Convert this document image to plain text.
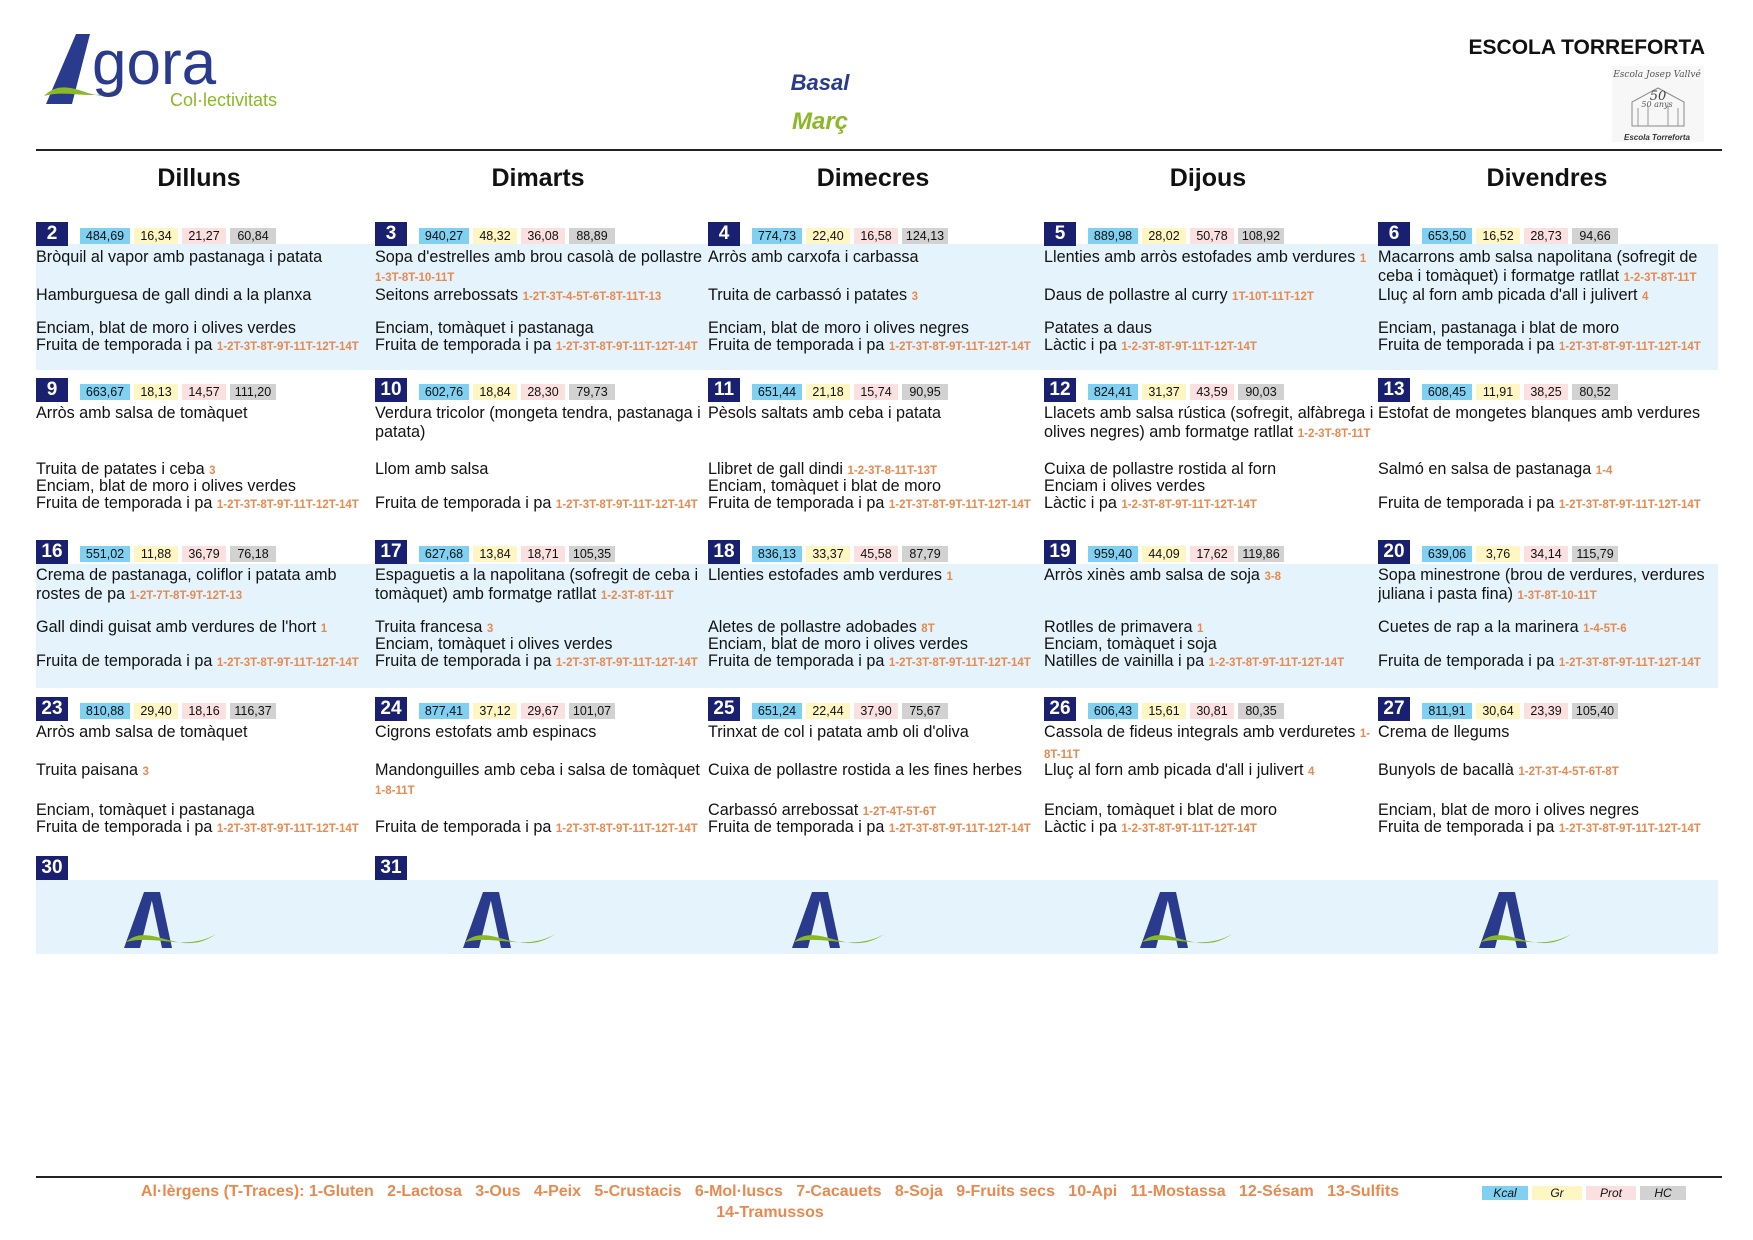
gora
Col·lectivitats
Basal
Març
ESCOLA TORREFORTA
50
Escola Josep Vallvé
50 anys
Escola Torreforta
Dilluns	Dimarts	Dimecres	Dijous	Divendres
2	484,69	16,34	21,27	60,84
Bròquil al vapor amb pastanaga i patata
Hamburguesa de gall dindi a la planxa
Enciam, blat de moro i olives verdes
Fruita de temporada i pa 1-2T-3T-8T-9T-11T-12T-14T
3	940,27	48,32	36,08	88,89
Sopa d'estrelles amb brou casolà de pollastre 1-3T-8T-10-11T
Seitons arrebossats 1-2T-3T-4-5T-6T-8T-11T-13
Enciam, tomàquet i pastanaga
Fruita de temporada i pa 1-2T-3T-8T-9T-11T-12T-14T
4	774,73	22,40	16,58	124,13
Arròs amb carxofa i carbassa
Truita de carbassó i patates 3
Enciam, blat de moro i olives negres
Fruita de temporada i pa 1-2T-3T-8T-9T-11T-12T-14T
5	889,98	28,02	50,78	108,92
Llenties amb arròs estofades amb verdures 1
Daus de pollastre al curry 1T-10T-11T-12T
Patates a daus
Làctic i pa 1-2-3T-8T-9T-11T-12T-14T
6	653,50	16,52	28,73	94,66
Macarrons amb salsa napolitana (sofregit de ceba i tomàquet) i formatge ratllat 1-2-3T-8T-11T
Lluç al forn amb picada d'all i julivert 4
Enciam, pastanaga i blat de moro
Fruita de temporada i pa 1-2T-3T-8T-9T-11T-12T-14T
9	663,67	18,13	14,57	111,20
Arròs amb salsa de tomàquet
Truita de patates i ceba 3
Enciam, blat de moro i olives verdes
Fruita de temporada i pa 1-2T-3T-8T-9T-11T-12T-14T
10	602,76	18,84	28,30	79,73
Verdura tricolor (mongeta tendra, pastanaga i patata)
Llom amb salsa
Fruita de temporada i pa 1-2T-3T-8T-9T-11T-12T-14T
11	651,44	21,18	15,74	90,95
Pèsols saltats amb ceba i patata
Llibret de gall dindi 1-2-3T-8-11T-13T
Enciam, tomàquet i blat de moro
Fruita de temporada i pa 1-2T-3T-8T-9T-11T-12T-14T
12	824,41	31,37	43,59	90,03
Llacets amb salsa rústica (sofregit, alfàbrega i olives negres) amb formatge ratllat 1-2-3T-8T-11T
Cuixa de pollastre rostida al forn
Enciam i olives verdes
Làctic i pa 1-2-3T-8T-9T-11T-12T-14T
13	608,45	11,91	38,25	80,52
Estofat de mongetes blanques amb verdures
Salmó en salsa de pastanaga 1-4
Fruita de temporada i pa 1-2T-3T-8T-9T-11T-12T-14T
16	551,02	11,88	36,79	76,18
Crema de pastanaga, coliflor i patata amb rostes de pa 1-2T-7T-8T-9T-12T-13
Gall dindi guisat amb verdures de l'hort 1
Fruita de temporada i pa 1-2T-3T-8T-9T-11T-12T-14T
17	627,68	13,84	18,71	105,35
Espaguetis a la napolitana (sofregit de ceba i tomàquet) amb formatge ratllat 1-2-3T-8T-11T
Truita francesa 3
Enciam, tomàquet i olives verdes
Fruita de temporada i pa 1-2T-3T-8T-9T-11T-12T-14T
18	836,13	33,37	45,58	87,79
Llenties estofades amb verdures 1
Aletes de pollastre adobades 8T
Enciam, blat de moro i olives verdes
Fruita de temporada i pa 1-2T-3T-8T-9T-11T-12T-14T
19	959,40	44,09	17,62	119,86
Arròs xinès amb salsa de soja 3-8
Rotlles de primavera 1
Enciam, tomàquet i soja
Natilles de vainilla i pa 1-2-3T-8T-9T-11T-12T-14T
20	639,06	3,76	34,14	115,79
Sopa minestrone (brou de verdures, verdures juliana i pasta fina) 1-3T-8T-10-11T
Cuetes de rap a la marinera 1-4-5T-6
Fruita de temporada i pa 1-2T-3T-8T-9T-11T-12T-14T
23	810,88	29,40	18,16	116,37
Arròs amb salsa de tomàquet
Truita paisana 3
Enciam, tomàquet i pastanaga
Fruita de temporada i pa 1-2T-3T-8T-9T-11T-12T-14T
24	877,41	37,12	29,67	101,07
Cigrons estofats amb espinacs
Mandonguilles amb ceba i salsa de tomàquet 1-8-11T
Fruita de temporada i pa 1-2T-3T-8T-9T-11T-12T-14T
25	651,24	22,44	37,90	75,67
Trinxat de col i patata amb oli d'oliva
Cuixa de pollastre rostida a les fines herbes
Carbassó arrebossat 1-2T-4T-5T-6T
Fruita de temporada i pa 1-2T-3T-8T-9T-11T-12T-14T
26	606,43	15,61	30,81	80,35
Cassola de fideus integrals amb verduretes 1-8T-11T
Lluç al forn amb picada d'all i julivert 4
Enciam, tomàquet i blat de moro
Làctic i pa 1-2-3T-8T-9T-11T-12T-14T
27	811,91	30,64	23,39	105,40
Crema de llegums
Bunyols de bacallà 1-2T-3T-4-5T-6T-8T
Enciam, blat de moro i olives negres
Fruita de temporada i pa 1-2T-3T-8T-9T-11T-12T-14T
30	31
Al·lèrgens (T-Traces): 1-Gluten   2-Lactosa   3-Ous   4-Peix   5-Crustacis   6-Mol·luscs   7-Cacauets   8-Soja   9-Fruits secs   10-Api   11-Mostassa   12-Sésam   13-Sulfits
14-Tramussos
Kcal	Gr	Prot	HC
